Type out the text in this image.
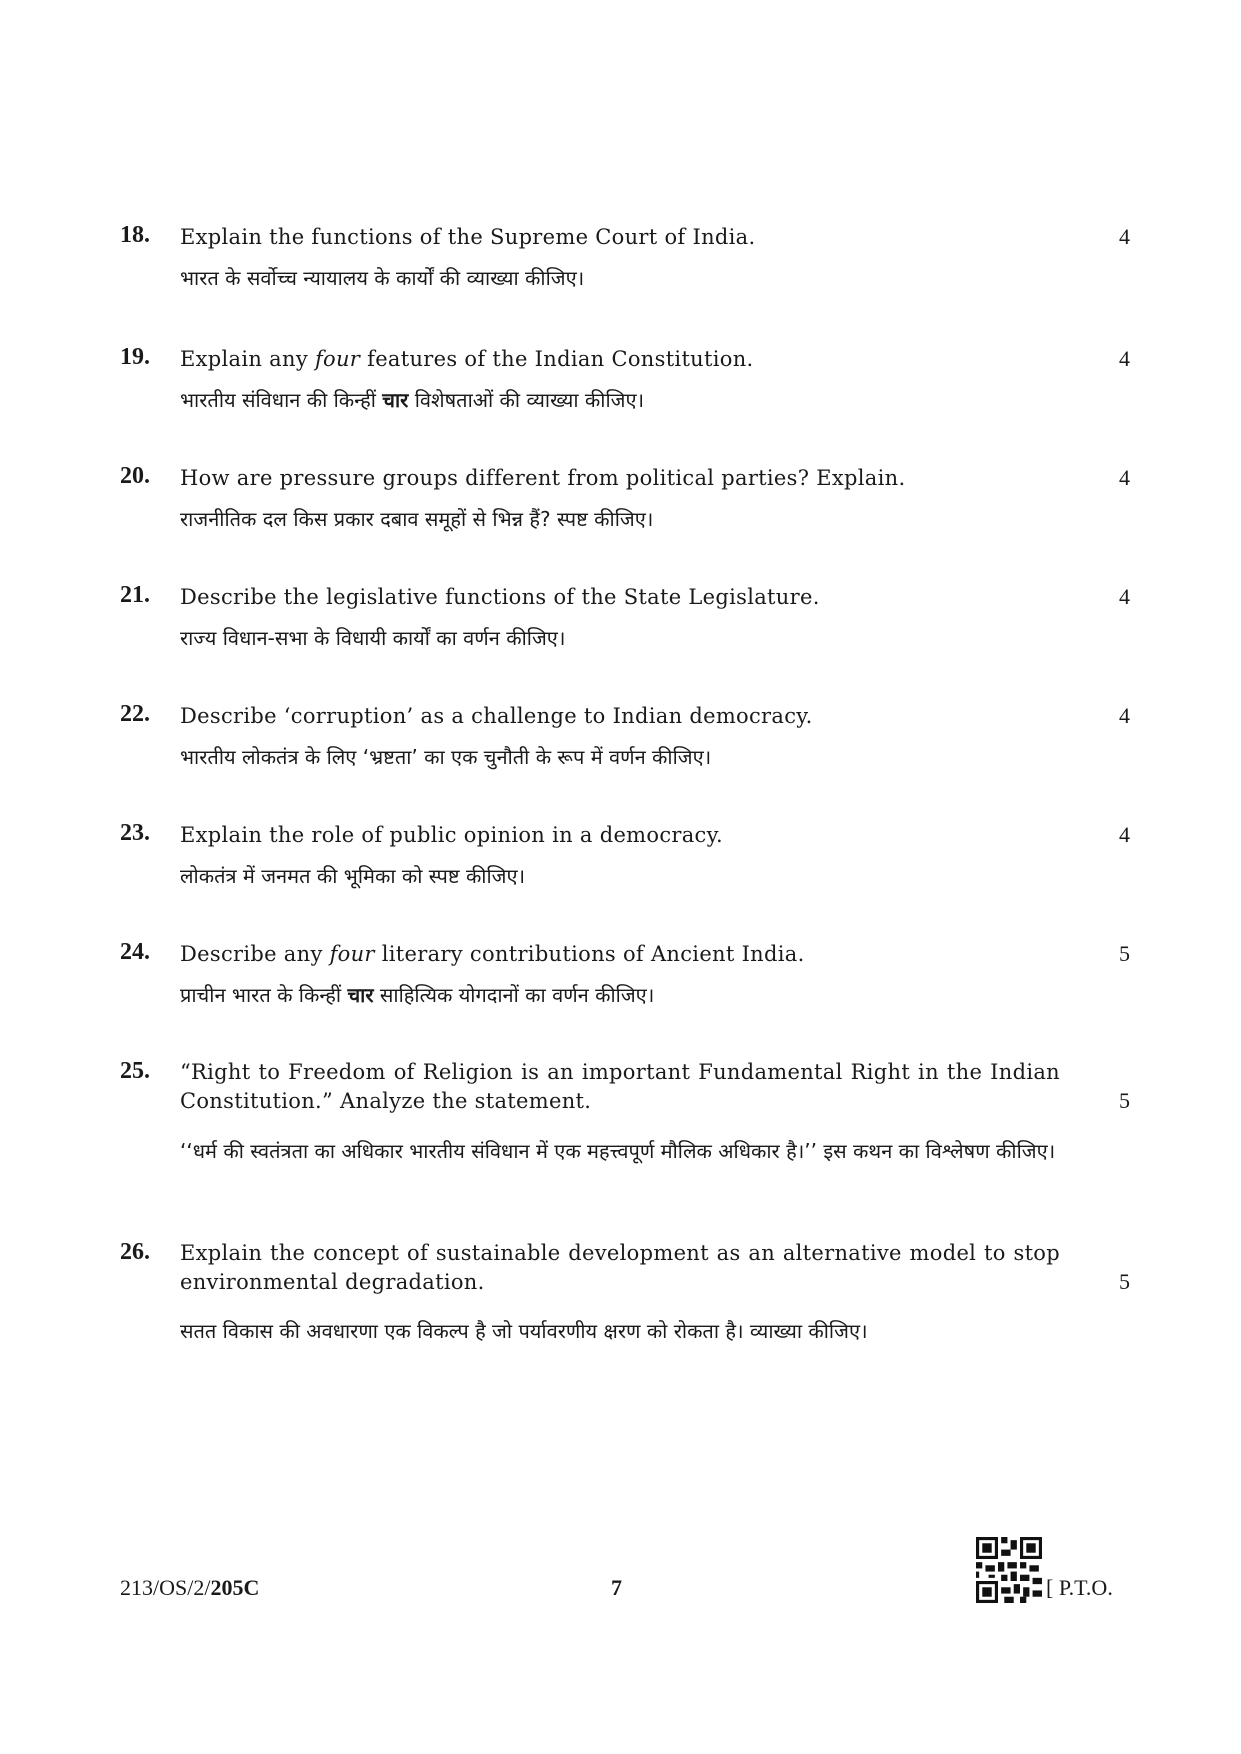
18. Explain the functions of the Supreme Court of India.	4
भारत के सर्वोच्च न्यायालय के कार्यों की व्याख्या कीजिए।
19. Explain any four features of the Indian Constitution.	4
भारतीय संविधान की किन्हीं चार विशेषताओं की व्याख्या कीजिए।
20. How are pressure groups different from political parties? Explain.	4
राजनीतिक दल किस प्रकार दबाव समूहों से भिन्न हैं? स्पष्ट कीजिए।
21. Describe the legislative functions of the State Legislature.	4
राज्य विधान-सभा के विधायी कार्यों का वर्णन कीजिए।
22. Describe ‘corruption’ as a challenge to Indian democracy.	4
भारतीय लोकतंत्र के लिए ‘भ्रष्टता’ का एक चुनौती के रूप में वर्णन कीजिए।
23. Explain the role of public opinion in a democracy.	4
लोकतंत्र में जनमत की भूमिका को स्पष्ट कीजिए।
24. Describe any four literary contributions of Ancient India.	5
प्राचीन भारत के किन्हीं चार साहित्यिक योगदानों का वर्णन कीजिए।
25. “Right to Freedom of Religion is an important Fundamental Right in the Indian Constitution.” Analyze the statement.	5
‘‘धर्म की स्वतंत्रता का अधिकार भारतीय संविधान में एक महत्त्वपूर्ण मौलिक अधिकार है।’’ इस कथन का विश्लेषण कीजिए।
26. Explain the concept of sustainable development as an alternative model to stop environmental degradation.	5
सतत विकास की अवधारणा एक विकल्प है जो पर्यावरणीय क्षरण को रोकता है। व्याख्या कीजिए।
213/OS/2/205C	7	[ P.T.O.
